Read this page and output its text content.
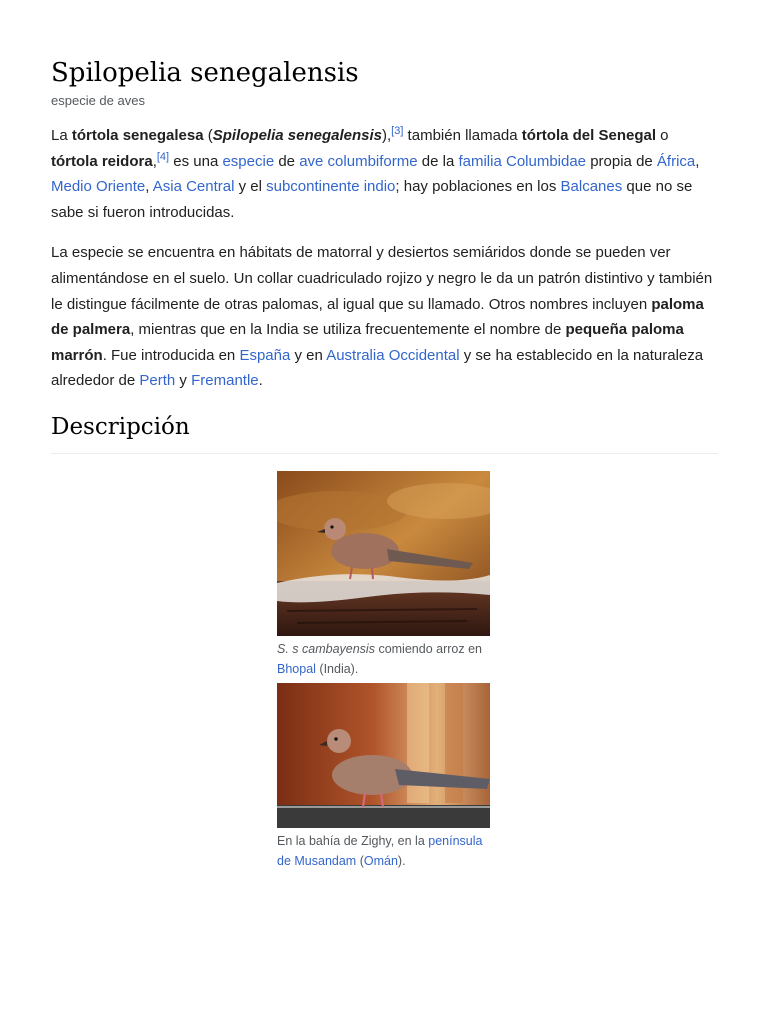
Spilopelia senegalensis
especie de aves

La tórtola senegalesa (Spilopelia senegalensis),[3] también llamada tórtola del Senegal o tórtola reidora,[4] es una especie de ave columbiforme de la familia Columbidae propia de África, Medio Oriente, Asia Central y el subcontinente indio; hay poblaciones en los Balcanes que no se sabe si fueron introducidas.

La especie se encuentra en hábitats de matorral y desiertos semiáridos donde se pueden ver alimentándose en el suelo. Un collar cuadriculado rojizo y negro le da un patrón distintivo y también le distingue fácilmente de otras palomas, al igual que su llamado. Otros nombres incluyen paloma de palmera, mientras que en la India se utiliza frecuentemente el nombre de pequeña paloma marrón. Fue introducida en España y en Australia Occidental y se ha establecido en la naturaleza alrededor de Perth y Fremantle.

Descripción
S. s cambayensis comiendo arroz en Bhopal (India).
En la bahía de Zighy, en la península de Musandam (Omán).
